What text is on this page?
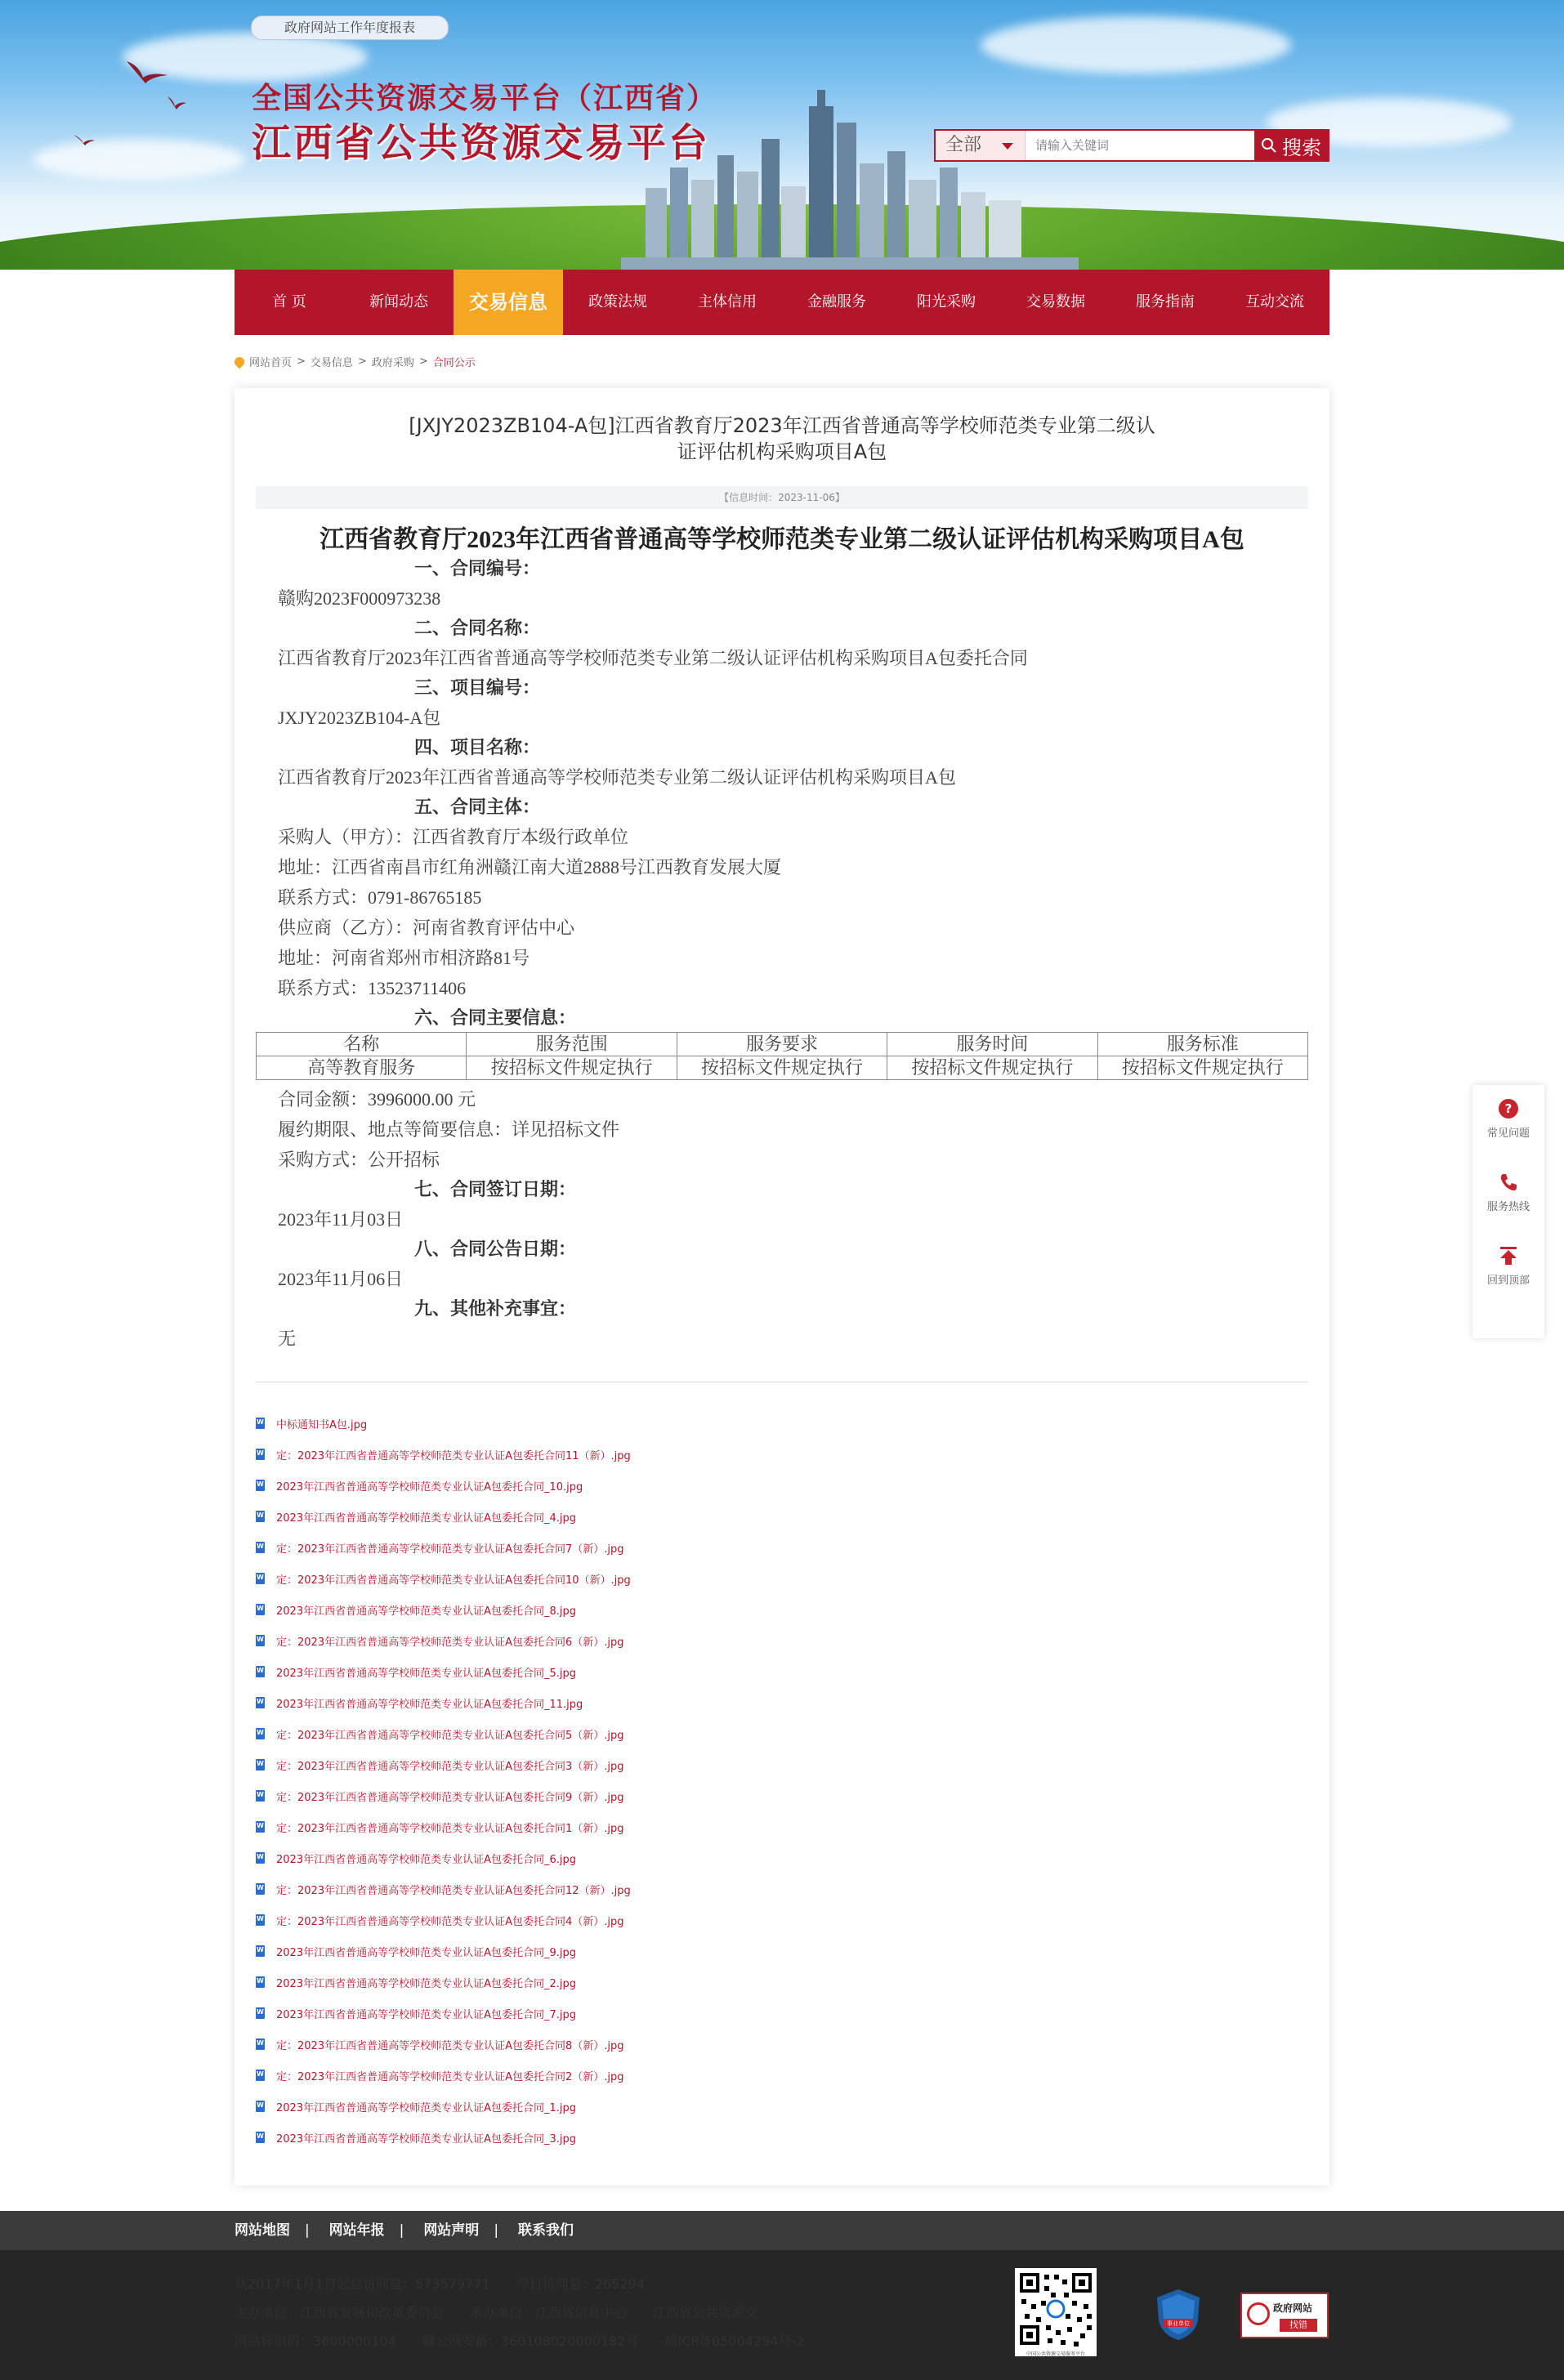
政府网站工作年度报表
全国公共资源交易平台（江西省）
江西省公共资源交易平台	全部
请输入关键词	搜索
首 页	新闻动态	交易信息	政策法规	主体信用	金融服务	阳光采购	交易数据	服务指南	互动交流
网站首页 > 交易信息 > 政府采购 > 合同公示
[JXJY2023ZB104-A包]江西省教育厅2023年江西省普通高等学校师范类专业第二级认
证评估机构采购项目A包
【信息时间：2023-11-06】
江西省教育厅2023年江西省普通高等学校师范类专业第二级认证评估机构采购项目A包
一、合同编号：
赣购2023F000973238
二、合同名称：
江西省教育厅2023年江西省普通高等学校师范类专业第二级认证评估机构采购项目A包委托合同
三、项目编号：
JXJY2023ZB104-A包
四、项目名称：
江西省教育厅2023年江西省普通高等学校师范类专业第二级认证评估机构采购项目A包
五、合同主体：
采购人（甲方）：江西省教育厅本级行政单位
地址：江西省南昌市红角洲赣江南大道2888号江西教育发展大厦
联系方式：0791-86765185
供应商（乙方）：河南省教育评估中心
地址：河南省郑州市相济路81号
联系方式：13523711406
六、合同主要信息：
合同金额：3996000.00 元
履约期限、地点等简要信息：详见招标文件
采购方式：公开招标
七、合同签订日期：
2023年11月03日
八、合同公告日期：
2023年11月06日
九、其他补充事宜：
无
名称	服务范围	服务要求	服务时间	服务标准
高等教育服务	按招标文件规定执行	按招标文件规定执行	按招标文件规定执行	按招标文件规定执行
W
中标通知书A包.jpg
W
定：2023年江西省普通高等学校师范类专业认证A包委托合同11（新）.jpg
W
2023年江西省普通高等学校师范类专业认证A包委托合同_10.jpg
W
2023年江西省普通高等学校师范类专业认证A包委托合同_4.jpg
W
定：2023年江西省普通高等学校师范类专业认证A包委托合同7（新）.jpg
W
定：2023年江西省普通高等学校师范类专业认证A包委托合同10（新）.jpg
W
2023年江西省普通高等学校师范类专业认证A包委托合同_8.jpg
W
定：2023年江西省普通高等学校师范类专业认证A包委托合同6（新）.jpg
W
2023年江西省普通高等学校师范类专业认证A包委托合同_5.jpg
W
2023年江西省普通高等学校师范类专业认证A包委托合同_11.jpg
W
定：2023年江西省普通高等学校师范类专业认证A包委托合同5（新）.jpg
W
定：2023年江西省普通高等学校师范类专业认证A包委托合同3（新）.jpg
W
定：2023年江西省普通高等学校师范类专业认证A包委托合同9（新）.jpg
W
定：2023年江西省普通高等学校师范类专业认证A包委托合同1（新）.jpg
W
2023年江西省普通高等学校师范类专业认证A包委托合同_6.jpg
W
定：2023年江西省普通高等学校师范类专业认证A包委托合同12（新）.jpg
W
定：2023年江西省普通高等学校师范类专业认证A包委托合同4（新）.jpg
W
2023年江西省普通高等学校师范类专业认证A包委托合同_9.jpg
W
2023年江西省普通高等学校师范类专业认证A包委托合同_2.jpg
W
2023年江西省普通高等学校师范类专业认证A包委托合同_7.jpg
W
定：2023年江西省普通高等学校师范类专业认证A包委托合同8（新）.jpg
W
定：2023年江西省普通高等学校师范类专业认证A包委托合同2（新）.jpg
W
2023年江西省普通高等学校师范类专业认证A包委托合同_1.jpg
W
2023年江西省普通高等学校师范类专业认证A包委托合同_3.jpg
?
常见问题
服务热线
回到顶部
网站地图 | 网站年报 | 网站声明 | 联系我们
从2017年1月1日起总访问量：573579771　　今日访问量：265294
主办单位：江西省发展和改革委员会　　承办单位：江西省信息中心　　江西省公共资源交
网站标识码：3600000104　　赣公网安备：360108020000182号　　赣ICP备05004294号-2
中国公共资源交易服务平台
事业单位
政府网站
找错
